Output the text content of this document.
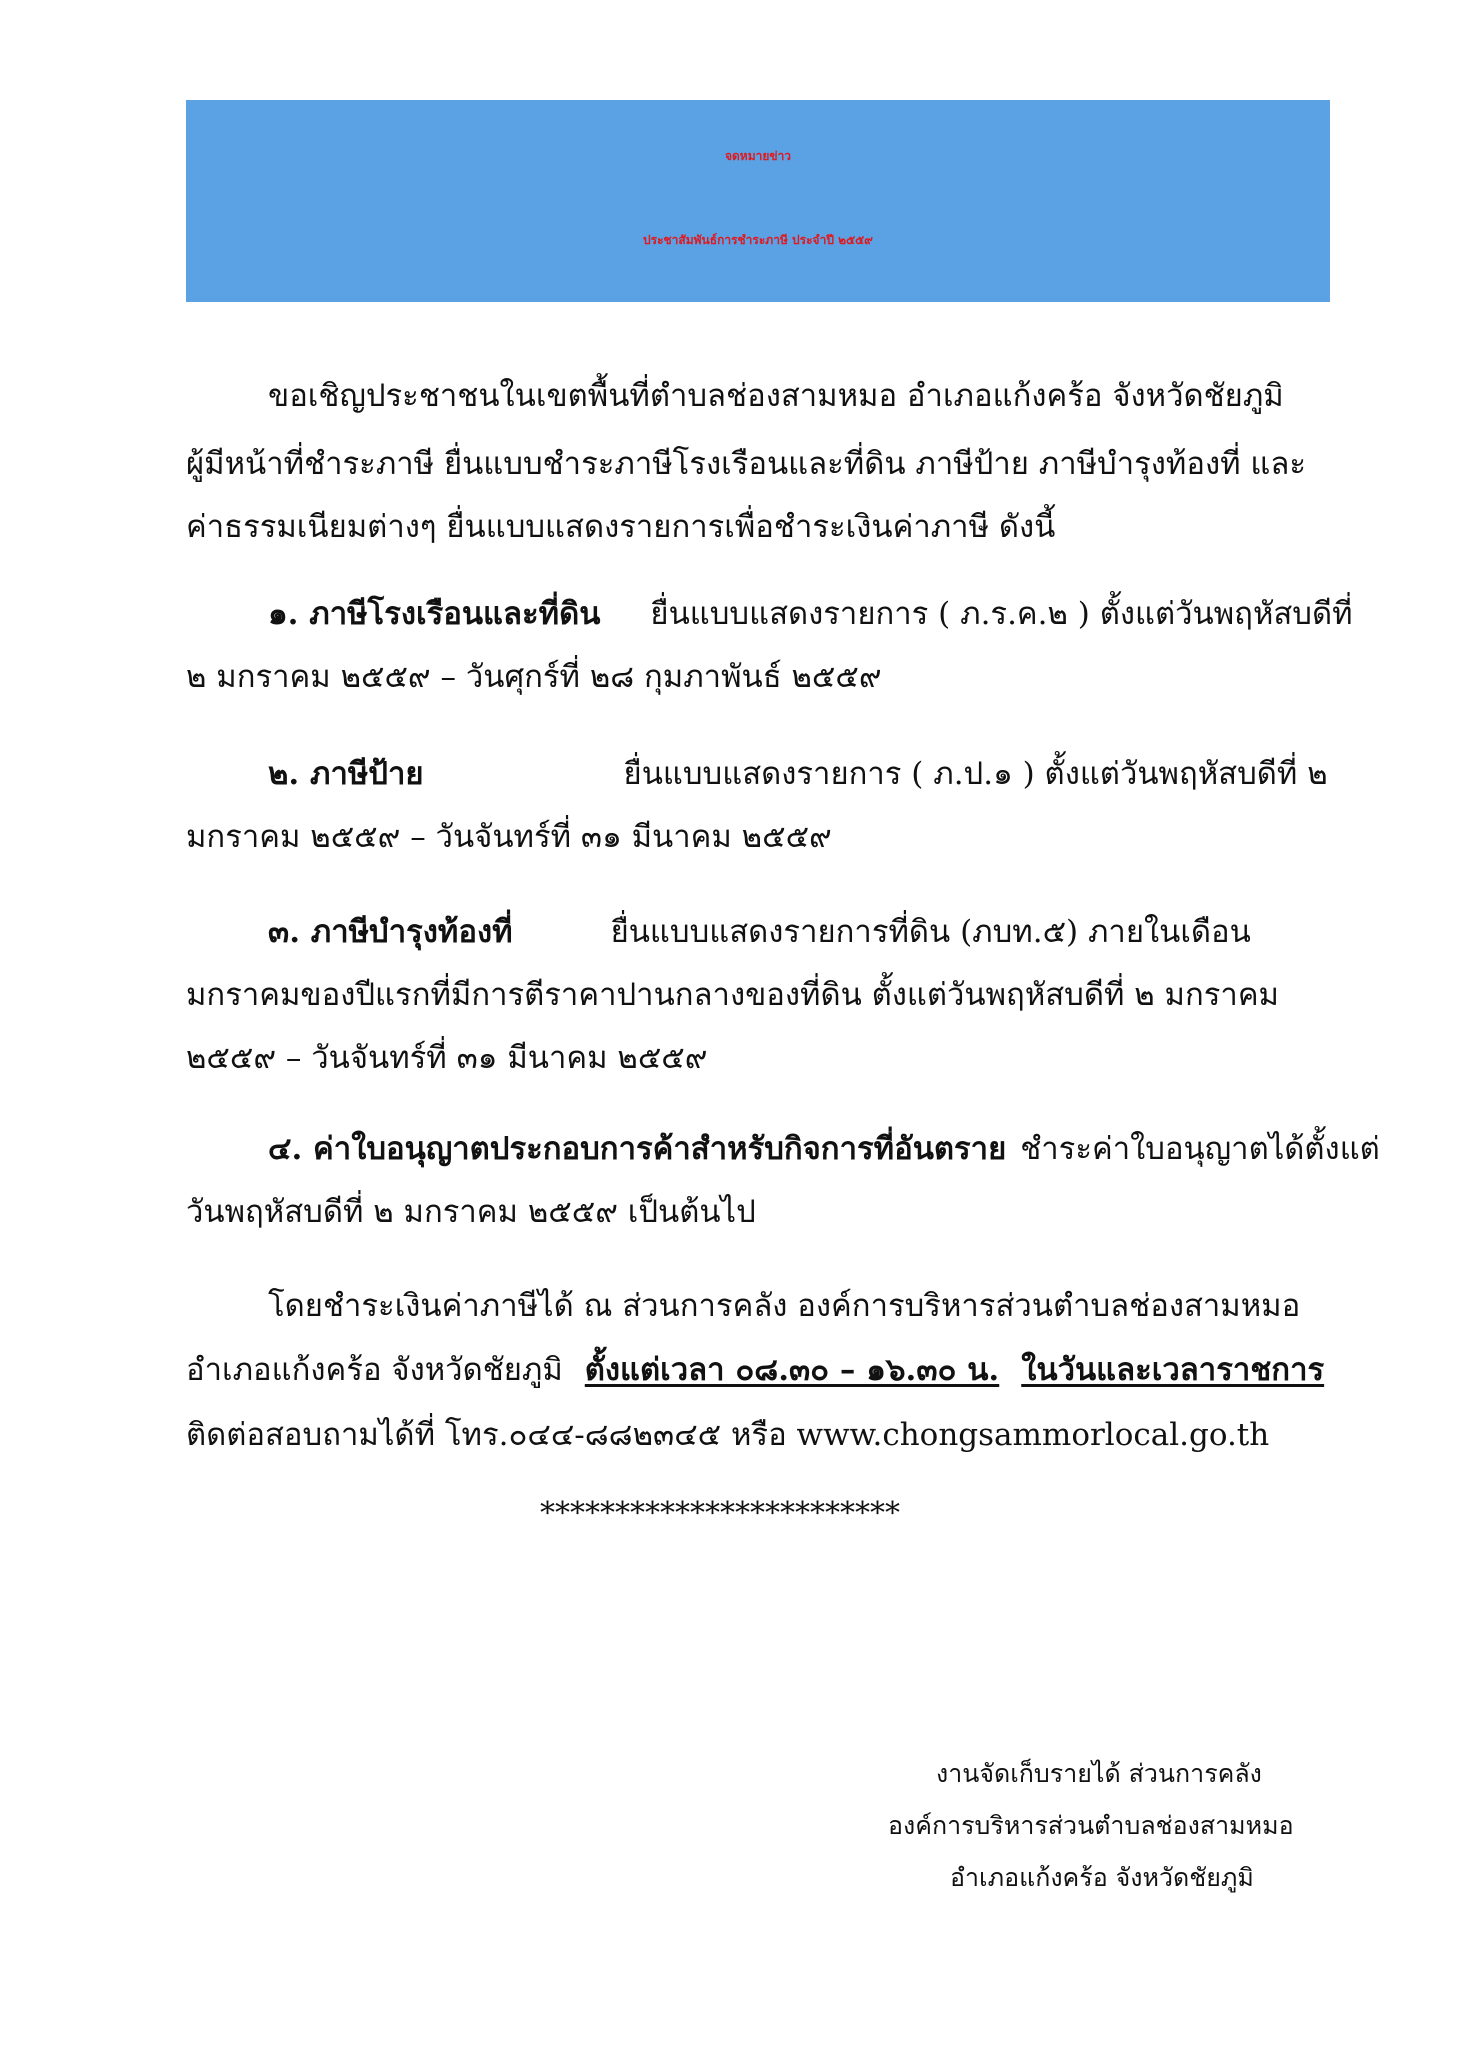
จดหมายข่าว
ประชาสัมพันธ์การชำระภาษี ประจำปี ๒๕๕๙
ขอเชิญประชาชนในเขตพื้นที่ตำบลช่องสามหมอ อำเภอแก้งคร้อ จังหวัดชัยภูมิ
ผู้มีหน้าที่ชำระภาษี ยื่นแบบชำระภาษีโรงเรือนและที่ดิน ภาษีป้าย ภาษีบำรุงท้องที่ และ
ค่าธรรมเนียมต่างๆ ยื่นแบบแสดงรายการเพื่อชำระเงินค่าภาษี ดังนี้
๑. ภาษีโรงเรือนและที่ดิน ยื่นแบบแสดงรายการ ( ภ.ร.ค.๒ ) ตั้งแต่วันพฤหัสบดีที่
๒ มกราคม ๒๕๕๙ – วันศุกร์ที่ ๒๘ กุมภาพันธ์ ๒๕๕๙
๒. ภาษีป้าย	ยื่นแบบแสดงรายการ ( ภ.ป.๑ ) ตั้งแต่วันพฤหัสบดีที่ ๒
มกราคม ๒๕๕๙ – วันจันทร์ที่ ๓๑ มีนาคม ๒๕๕๙
๓. ภาษีบำรุงท้องที่	ยื่นแบบแสดงรายการที่ดิน (ภบท.๕) ภายในเดือน
มกราคมของปีแรกที่มีการตีราคาปานกลางของที่ดิน ตั้งแต่วันพฤหัสบดีที่ ๒ มกราคม
๒๕๕๙ – วันจันทร์ที่ ๓๑ มีนาคม ๒๕๕๙
๔. ค่าใบอนุญาตประกอบการค้าสำหรับกิจการที่อันตราย ชำระค่าใบอนุญาตได้ตั้งแต่
วันพฤหัสบดีที่ ๒ มกราคม ๒๕๕๙ เป็นต้นไป
โดยชำระเงินค่าภาษีได้ ณ ส่วนการคลัง องค์การบริหารส่วนตำบลช่องสามหมอ
อำเภอแก้งคร้อ จังหวัดชัยภูมิ ตั้งแต่เวลา ๐๘.๓๐ – ๑๖.๓๐ น. ในวันและเวลาราชการ
ติดต่อสอบถามได้ที่ โทร.๐๔๔-๘๘๒๓๔๕ หรือ www.chongsammorlocal.go.th
************************
งานจัดเก็บรายได้ ส่วนการคลัง
องค์การบริหารส่วนตำบลช่องสามหมอ
อำเภอแก้งคร้อ จังหวัดชัยภูมิ
